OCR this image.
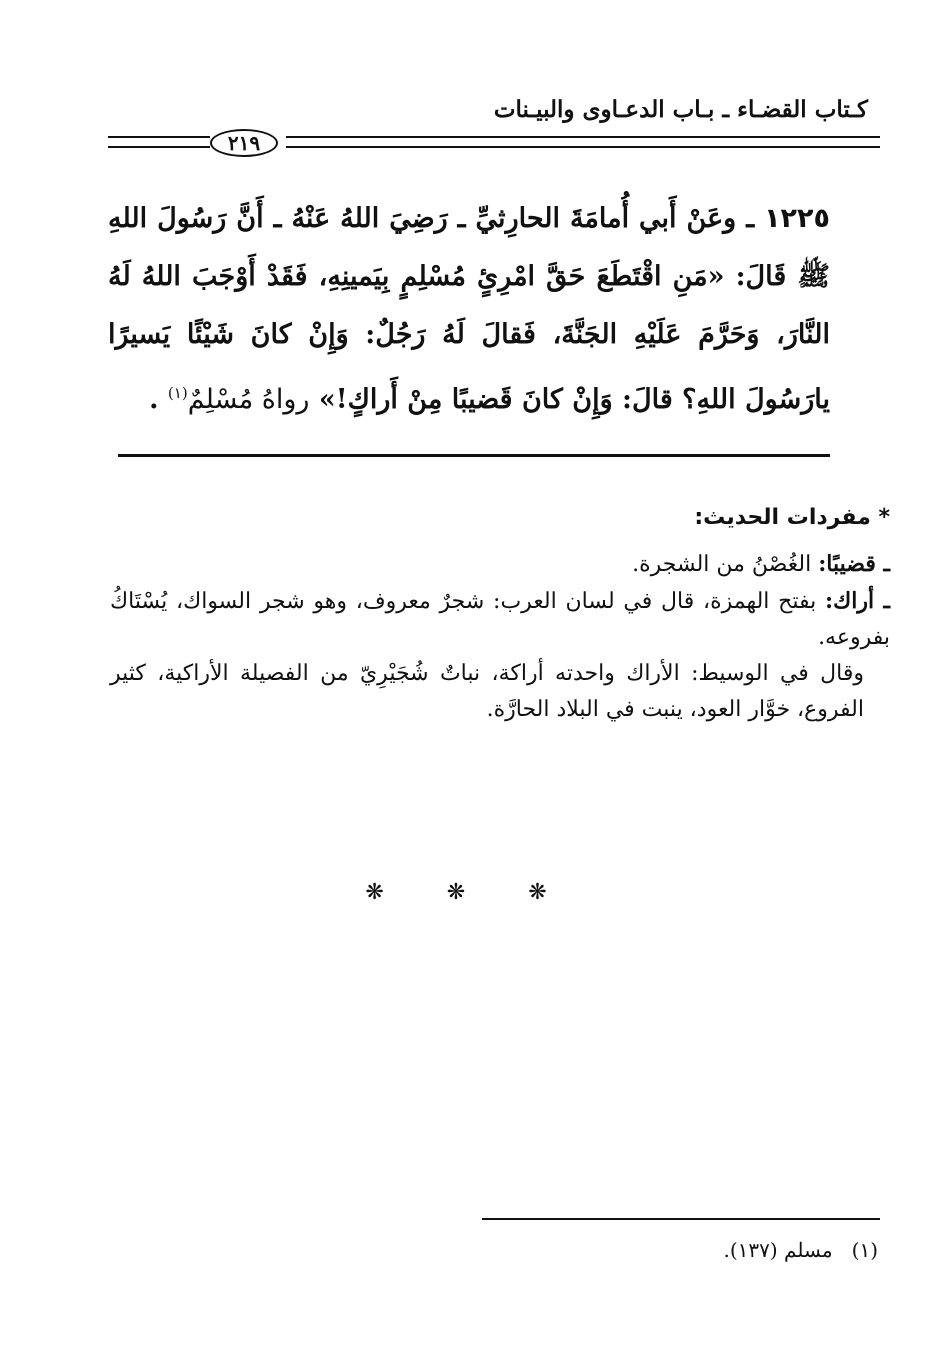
كـتاب القضـاء ـ بـاب الدعـاوى والبيـنات
٢١٩
١٢٢٥ ـ وعَنْ أَبي أُمامَةَ الحارِثيِّ ـ رَضِيَ اللهُ عَنْهُ ـ أَنَّ رَسُولَ اللهِ ﷺ قَالَ: «مَنِ اقْتَطَعَ حَقَّ امْرِئٍ مُسْلِمٍ بِيَمينِهِ، فَقَدْ أَوْجَبَ اللهُ لَهُ النَّارَ، وَحَرَّمَ عَلَيْهِ الجَنَّةَ، فَقالَ لَهُ رَجُلٌ: وَإِنْ كانَ شَيْئًا يَسيرًا يارَسُولَ اللهِ؟ قالَ: وَإِنْ كانَ قَضيبًا مِنْ أَراكٍ!» رواهُ مُسْلِمٌ$^{(١)}$ .
* مفردات الحديث:

ـ قضيبًا: الغُصْنُ من الشجرة.

ـ أراك: بفتح الهمزة، قال في لسان العرب: شجرٌ معروف، وهو شجر السواك، يُسْتَاكُ بفروعه.

وقال في الوسيط: الأراك واحدته أراكة، نباتٌ شُجَيْرِيّ من الفصيلة الأراكية، كثير الفروع، خوَّار العود، ينبت في البلاد الحارَّة.

❋ ❋ ❋
(١)   مسلم (١٣٧).
